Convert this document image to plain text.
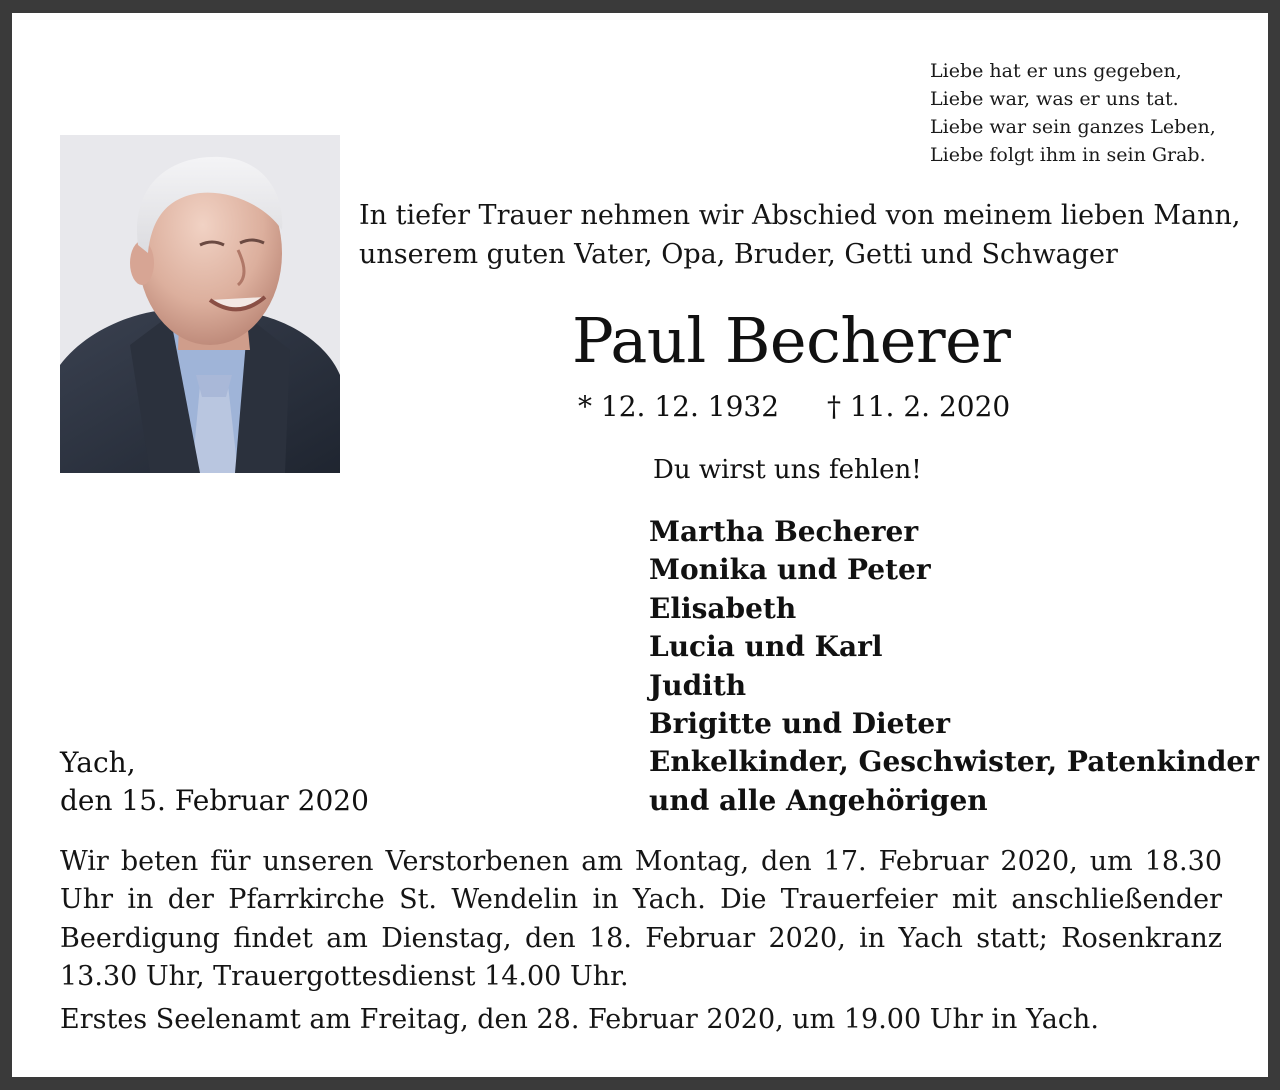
Liebe hat er uns gegeben,
Liebe war, was er uns tat.
Liebe war sein ganzes Leben,
Liebe folgt ihm in sein Grab.
In tiefer Trauer nehmen wir Abschied von meinem lieben Mann,
unserem guten Vater, Opa, Bruder, Getti und Schwager
Paul Becherer
* 12. 12. 1932 † 11. 2. 2020
Du wirst uns fehlen!
Martha Becherer
Monika und Peter
Elisabeth
Lucia und Karl
Judith
Brigitte und Dieter
Enkelkinder, Geschwister, Patenkinder
und alle Angehörigen
Yach,
den 15. Februar 2020
Wir beten für unseren Verstorbenen am Montag, den 17. Februar 2020, um 18.30 Uhr in der Pfarrkirche St. Wendelin in Yach. Die Trauerfeier mit anschließender Beerdigung findet am Dienstag, den 18. Februar 2020, in Yach statt; Rosenkranz 13.30 Uhr, Trauergottesdienst 14.00 Uhr.
Erstes Seelenamt am Freitag, den 28. Februar 2020, um 19.00 Uhr in Yach.
